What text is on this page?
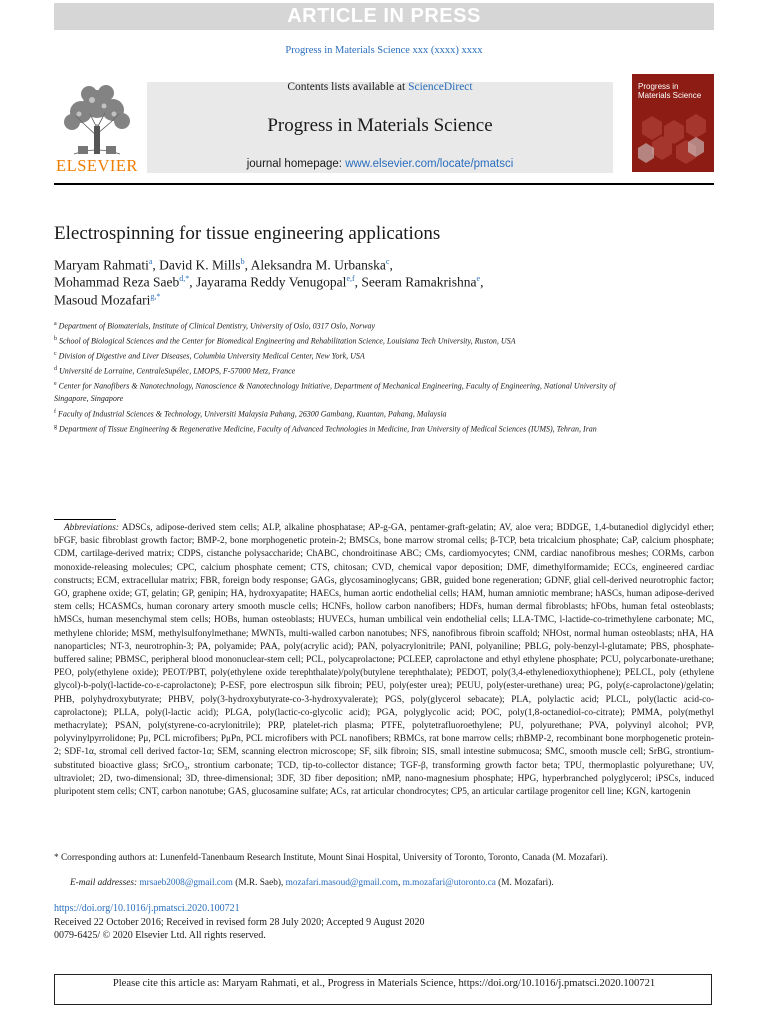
ARTICLE IN PRESS
Progress in Materials Science xxx (xxxx) xxxx
ELSEVIER
Contents lists available at ScienceDirect
Progress in Materials Science
journal homepage: www.elsevier.com/locate/pmatsci
Progress in Materials Science
Electrospinning for tissue engineering applications
Maryam Rahmati$^a$, David K. Mills$^b$, Aleksandra M. Urbanska$^c$,
Mohammad Reza Saeb$^{d,*}$, Jayarama Reddy Venugopal$^{e,f}$, Seeram Ramakrishna$^e$,
Masoud Mozafari$^{g,*}$
$^a$ Department of Biomaterials, Institute of Clinical Dentistry, University of Oslo, 0317 Oslo, Norway
$^b$ School of Biological Sciences and the Center for Biomedical Engineering and Rehabilitation Science, Louisiana Tech University, Ruston, USA
$^c$ Division of Digestive and Liver Diseases, Columbia University Medical Center, New York, USA
$^d$ Université de Lorraine, CentraleSupélec, LMOPS, F-57000 Metz, France
$^e$ Center for Nanofibers & Nanotechnology, Nanoscience & Nanotechnology Initiative, Department of Mechanical Engineering, Faculty of Engineering, National University of Singapore, Singapore
$^f$ Faculty of Industrial Sciences & Technology, Universiti Malaysia Pahang, 26300 Gambang, Kuantan, Pahang, Malaysia
$^g$ Department of Tissue Engineering & Regenerative Medicine, Faculty of Advanced Technologies in Medicine, Iran University of Medical Sciences (IUMS), Tehran, Iran
Abbreviations: ADSCs, adipose-derived stem cells; ALP, alkaline phosphatase; AP-g-GA, pentamer-graft-gelatin; AV, aloe vera; BDDGE, 1,4-butanediol diglycidyl ether; bFGF, basic fibroblast growth factor; BMP-2, bone morphogenetic protein-2; BMSCs, bone marrow stromal cells; β-TCP, beta tricalcium phosphate; CaP, calcium phosphate; CDM, cartilage-derived matrix; CDPS, cistanche polysaccharide; ChABC, chondroitinase ABC; CMs, cardiomyocytes; CNM, cardiac nanofibrous meshes; CORMs, carbon monoxide-releasing molecules; CPC, calcium phosphate cement; CTS, chitosan; CVD, chemical vapor deposition; DMF, dimethylformamide; ECCs, engineered cardiac constructs; ECM, extracellular matrix; FBR, foreign body response; GAGs, glycosaminoglycans; GBR, guided bone regeneration; GDNF, glial cell-derived neurotrophic factor; GO, graphene oxide; GT, gelatin; GP, genipin; HA, hydroxyapatite; HAECs, human aortic endothelial cells; HAM, human amniotic membrane; hASCs, human adipose-derived stem cells; HCASMCs, human coronary artery smooth muscle cells; HCNFs, hollow carbon nanofibers; HDFs, human dermal fibroblasts; hFObs, human fetal osteoblasts; hMSCs, human mesenchymal stem cells; HOBs, human osteoblasts; HUVECs, human umbilical vein endothelial cells; LLA-TMC, l-lactide-co-trimethylene carbonate; MC, methylene chloride; MSM, methylsulfonylmethane; MWNTs, multi-walled carbon nanotubes; NFS, nanofibrous fibroin scaffold; NHOst, normal human osteoblasts; nHA, HA nanoparticles; NT-3, neurotrophin-3; PA, polyamide; PAA, poly(acrylic acid); PAN, polyacrylonitrile; PANI, polyaniline; PBLG, poly-benzyl-l-glutamate; PBS, phosphate-buffered saline; PBMSC, peripheral blood mononuclear-stem cell; PCL, polycaprolactone; PCLEEP, caprolactone and ethyl ethylene phosphate; PCU, polycarbonate-urethane; PEO, poly(ethylene oxide); PEOT/PBT, poly(ethylene oxide terephthalate)/poly(butylene terephthalate); PEDOT, poly(3,4-ethylenedioxythiophene); PELCL, poly (ethylene glycol)-b-poly(l-lactide-co-ε-caprolactone); P-ESF, pore electrospun silk fibroin; PEU, poly(ester urea); PEUU, poly(ester-urethane) urea; PG, poly(ε-caprolactone)/gelatin; PHB, polyhydroxybutyrate; PHBV, poly(3-hydroxybutyrate-co-3-hydroxyvalerate); PGS, poly(glycerol sebacate); PLA, polylactic acid; PLCL, poly(lactic acid-co-caprolactone); PLLA, poly(l-lactic acid); PLGA, poly(lactic-co-glycolic acid); PGA, polyglycolic acid; POC, poly(1,8-octanediol-co-citrate); PMMA, poly(methyl methacrylate); PSAN, poly(styrene-co-acrylonitrile); PRP, platelet-rich plasma; PTFE, polytetrafluoroethylene; PU, polyurethane; PVA, polyvinyl alcohol; PVP, polyvinylpyrrolidone; Pμ, PCL microfibers; PμPn, PCL microfibers with PCL nanofibers; RBMCs, rat bone marrow cells; rhBMP-2, recombinant bone morphogenetic protein-2; SDF-1α, stromal cell derived factor-1α; SEM, scanning electron microscope; SF, silk fibroin; SIS, small intestine submucosa; SMC, smooth muscle cell; SrBG, strontium-substituted bioactive glass; SrCO₃, strontium carbonate; TCD, tip-to-collector distance; TGF-β, transforming growth factor beta; TPU, thermoplastic polyurethane; UV, ultraviolet; 2D, two-dimensional; 3D, three-dimensional; 3DF, 3D fiber deposition; nMP, nano-magnesium phosphate; HPG, hyperbranched polyglycerol; iPSCs, induced pluripotent stem cells; CNT, carbon nanotube; GAS, glucosamine sulfate; ACs, rat articular chondrocytes; CP5, an articular cartilage progenitor cell line; KGN, kartogenin
* Corresponding authors at: Lunenfeld-Tanenbaum Research Institute, Mount Sinai Hospital, University of Toronto, Toronto, Canada (M. Mozafari).
E-mail addresses: mrsaeb2008@gmail.com (M.R. Saeb), mozafari.masoud@gmail.com, m.mozafari@utoronto.ca (M. Mozafari).
https://doi.org/10.1016/j.pmatsci.2020.100721
Received 22 October 2016; Received in revised form 28 July 2020; Accepted 9 August 2020
0079-6425/ © 2020 Elsevier Ltd. All rights reserved.
Please cite this article as: Maryam Rahmati, et al., Progress in Materials Science, https://doi.org/10.1016/j.pmatsci.2020.100721
